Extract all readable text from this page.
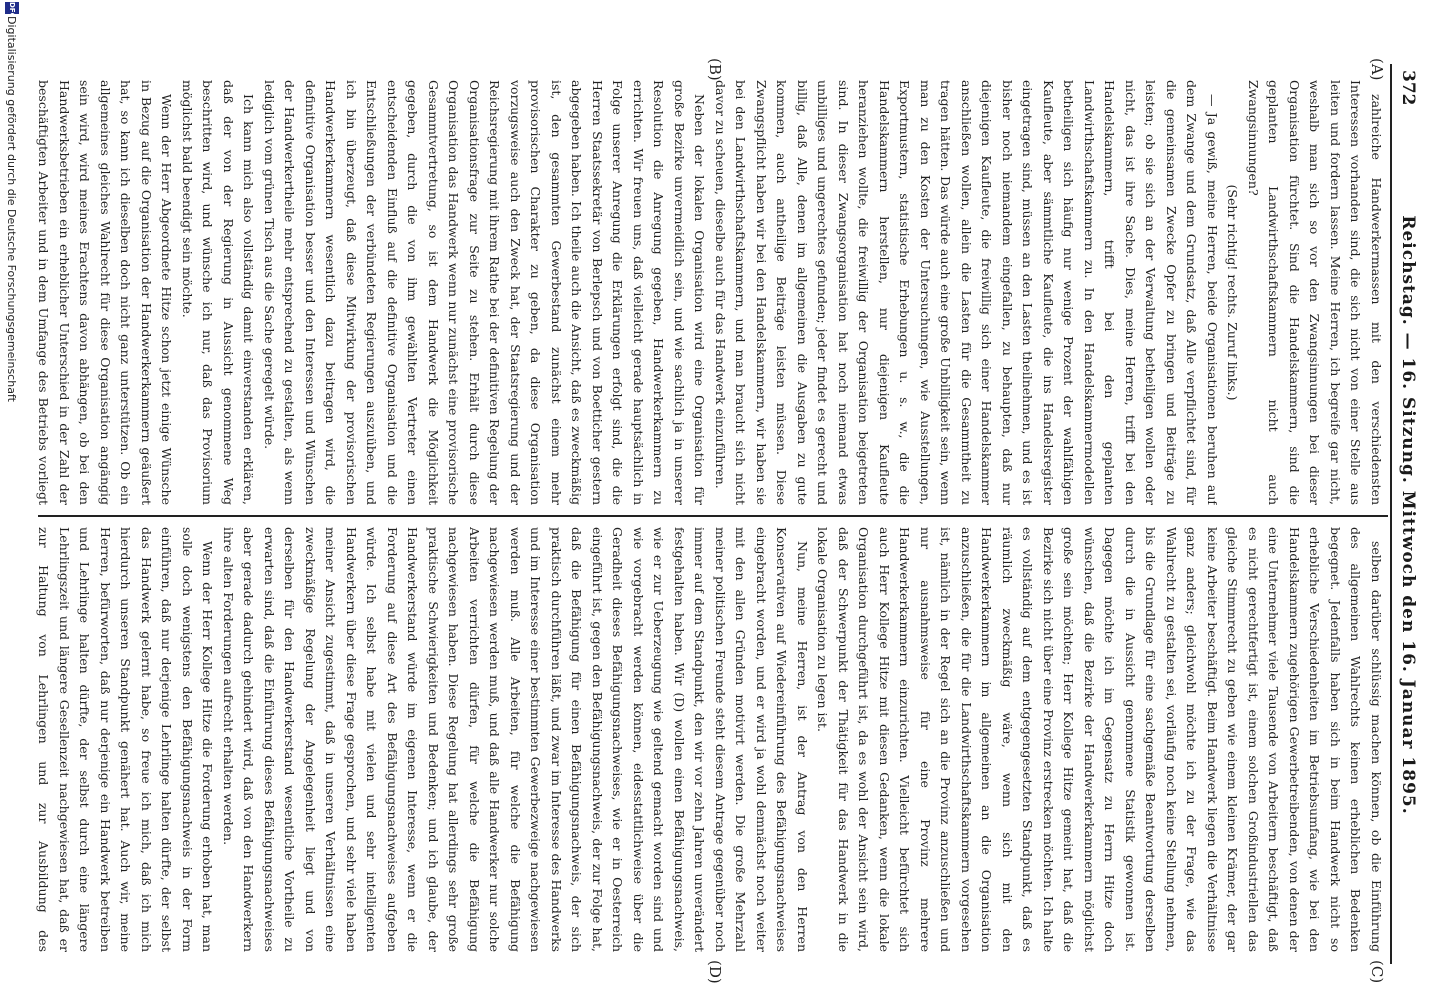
372
Reichstag. — 16. Sitzung. Mittwoch den 16. Januar 1895.
(A)
(B)
(C)
(D)

zahlreiche Handwerkermassen mit den verschiedensten Interessen vorhanden sind, die sich nicht von einer Stelle aus leiten und fordern lassen. Meine Herren, ich begreife gar nicht, weshalb man sich so vor den Zwangsinnungen bei dieser Organisation fürchtet. Sind die Handelskammern, sind die geplanten Landwirthschaftskammern nicht auch Zwangsinnungen?

(Sehr richtig! rechts. Zuruf links.)

— Ja gewiß, meine Herren, beide Organisationen beruhen auf dem Zwange und dem Grundsatz, daß Alle verpflichtet sind, für die gemeinsamen Zwecke Opfer zu bringen und Beiträge zu leisten; ob sie sich an der Verwaltung betheiligen wollen oder nicht, das ist ihre Sache. Dies, meine Herren, trifft bei den Handelskammern, trifft bei den geplanten Landwirthschaftskammern zu. In den Handelskammermodellen betheiligen sich häufig nur wenige Prozent der wahlfähigen Kaufleute, aber sämmtliche Kaufleute, die ins Handelsregister eingetragen sind, müssen an den Lasten theilnehmen, und es ist bisher noch niemandem eingefallen, zu behaupten, daß nur diejenigen Kaufleute, die freiwillig sich einer Handelskammer anschließen wollen, allein die Lasten für die Gesammtheit zu tragen hätten. Das würde auch eine große Unbilligkeit sein, wenn man zu den Kosten der Untersuchungen, wie Ausstellungen, Exportmustern, statistische Erhebungen u. s. w., die die Handelskammern herstellen, nur diejenigen Kaufleute heranziehen wollte, die freiwillig der Organisation beigetreten sind. In dieser Zwangsorganisation hat noch niemand etwas unbilliges und ungerechtes gefunden; jeder findet es gerecht und billig, daß Alle, denen im allgemeinen die Ausgaben zu gute kommen, auch antheilige Beiträge leisten müssen. Diese Zwangspflicht haben wir bei den Handelskammern, wir haben sie bei den Landwirthschaftskammern, und man braucht sich nicht davor zu scheuen, dieselbe auch für das Handwerk einzuführen.

Neben der lokalen Organisation wird eine Organisation für große Bezirke unvermeidlich sein, und wie sachlich ja in unserer Resolution die Anregung gegeben, Handwerkerkammern zu errichten. Wir freuen uns, daß vielleicht gerade hauptsächlich in Folge unserer Anregung die Erklärungen erfolgt sind, die die Herren Staatssekretär von Berlepsch und von Boetticher gestern abgegeben haben. Ich theile auch die Ansicht, daß es zweckmäßig ist, den gesammten Gewerbestand zunächst einem mehr provisorischen Charakter zu geben, da diese Organisation vorzugsweise auch den Zweck hat, der Staatsregierung und der Reichsregierung mit ihrem Rathe bei der definitiven Regelung der Organisationsfrage zur Seite zu stehen. Erhält durch diese Organisation das Handwerk wenn nur zunächst eine provisorische Gesammtvertretung, so ist dem Handwerk die Möglichkeit gegeben, durch die von ihm gewählten Vertreter einen entscheidenden Einfluß auf die definitive Organisation und die Entschließungen der verbündeten Regierungen auszuüben, und ich bin überzeugt, daß diese Mitwirkung der provisorischen Handwerkerkammern wesentlich dazu beitragen wird, die definitive Organisation besser und den Interessen und Wünschen der Handwerkertheile mehr entsprechend zu gestalten, als wenn lediglich vom grünen Tisch aus die Sache geregelt würde.

Ich kann mich also vollständig damit einverstanden erklären, daß der von der Regierung in Aussicht genommene Weg beschritten wird, und wünsche ich nur, daß das Provisorium möglichst bald beendigt sein möchte.

Wenn der Herr Abgeordnete Hitze schon jetzt einige Wünsche in Bezug auf die Organisation der Handwerkerkammern geäußert hat, so kann ich dieselben doch nicht ganz unterstützen. Ob ein allgemeines gleiches Wahlrecht für diese Organisation angängig sein wird, wird meines Erachtens davon abhängen, ob bei den Handwerksbetrieben ein erheblicher Unterschied in der Zahl der beschäftigten Arbeiter und in dem Umfange des Betriebs vorliegt

selben darüber schlüssig machen können, ob die Einführung des allgemeinen Wahlrechts keinen erheblichen Bedenken begegnet. Jedenfalls haben sich in beim Handwerk nicht so erhebliche Verschiedenheiten im Betriebsumfang, wie bei den Handelskammern zugehörigen Gewerbetreibenden, von denen der eine Unternehmer viele Tausende von Arbeitern beschäftigt, daß es nicht gerechtfertigt ist, einem solchen Großindustriellen das gleiche Stimmrecht zu geben wie einem kleinen Krämer, der gar keine Arbeiter beschäftigt. Beim Handwerk liegen die Verhältnisse ganz anders; gleichwohl möchte ich zu der Frage, wie das Wahlrecht zu gestalten sei, vorläufig noch keine Stellung nehmen, bis die Grundlage für eine sachgemäße Beantwortung derselben durch die in Aussicht genommene Statistik gewonnen ist. Dagegen möchte ich im Gegensatz zu Herrn Hitze doch wünschen, daß die Bezirke der Handwerkerkammern möglichst große sein möchten; Herr Kollege Hitze gemeint hat, daß die Bezirke sich nicht über eine Provinz erstrecken möchten. Ich halte es vollständig auf dem entgegengesetzten Standpunkt, daß es räumlich zweckmäßig wäre, wenn sich mit den Handwerkerkammern im allgemeinen an die Organisation anzuschließen, die für die Landwirthschaftskammern vorgesehen ist, nämlich in der Regel sich an die Provinz anzuschließen und nur ausnahmsweise für eine Provinz mehrere Handwerkerkammern einzurichten. Vielleicht befürchtet sich auch Herr Kollege Hitze mit diesen Gedanken, wenn die lokale Organisation durchgeführt ist, da es wohl der Ansicht sein wird, daß der Schwerpunkt der Thätigkeit für das Handwerk in die lokale Organisation zu legen ist.

Nun, meine Herren, ist der Antrag von den Herren Konservativen auf Wiedereinführung des Befähigungsnachweises eingebracht worden, und er wird ja wohl demnächst noch weiter mit den allen Gründen motivirt werden. Die große Mehrzahl meiner politischen Freunde steht diesem Antrage gegenüber noch immer auf dem Standpunkt, den wir vor zehn Jahren unverändert festgehalten haben. Wir (D) wollen einen Befähigungsnachweis, wie er zur Ueberzeugung wie geltend gemacht worden sind und wie vorgebracht werden können, eidesstattlichweise über die Geradheit dieses Befähigungsnachweises, wie er in Oesterreich eingeführt ist, gegen den Befähigungsnachweis, der zur Folge hat, daß die Befähigung für einen Befähigungsnachweis, der sich praktisch durchführen läßt, und zwar im Interesse des Handwerks und im Interesse einer bestimmten Gewerbezweige nachgewiesen werden muß. Alle Arbeiten, für welche die Befähigung nachgewiesen werden muß, und daß alle Handwerker nur solche Arbeiten verrichten dürfen, für welche die Befähigung nachgewiesen haben. Diese Regelung hat allerdings sehr große praktische Schwierigkeiten und Bedenken; und ich glaube, der Handwerkerstand würde im eigenen Interesse, wenn er die Forderung auf diese Art des Befähigungsnachweises aufgeben würde. Ich selbst habe mit vielen und sehr intelligenten Handwerkern über diese Frage gesprochen, und sehr viele haben meiner Ansicht zugestimmt, daß in unseren Verhältnissen eine zweckmäßige Regelung der Angelegenheit liegt und von derselben für den Handwerkerstand wesentliche Vortheile zu erwarten sind, daß die Einführung dieses Befähigungsnachweises aber gerade dadurch gehindert wird, daß von den Handwerkern ihre alten Forderungen aufrecht erhalten werden.

Wenn der Herr Kollege Hitze die Forderung erhoben hat, man solle doch wenigstens den Befähigungsnachweis in der Form einführen, daß nur derjenige Lehrlinge halten dürfte, der selbst das Handwerk gelernt habe, so freue ich mich, daß ich mich hierdurch unseren Standpunkt genähert hat. Auch wir, meine Herren, befürworten, daß nur derjenige ein Handwerk betreiben und Lehrlinge halten dürfte, der selbst durch eine längere Lehrlingszeit und längere Gesellenzeit nachgewiesen hat, daß er zur Haltung von Lehrlingen und zur Ausbildung des

DFG
Digitalisierung gefördert durch die Deutsche Forschungsgemeinschaft
